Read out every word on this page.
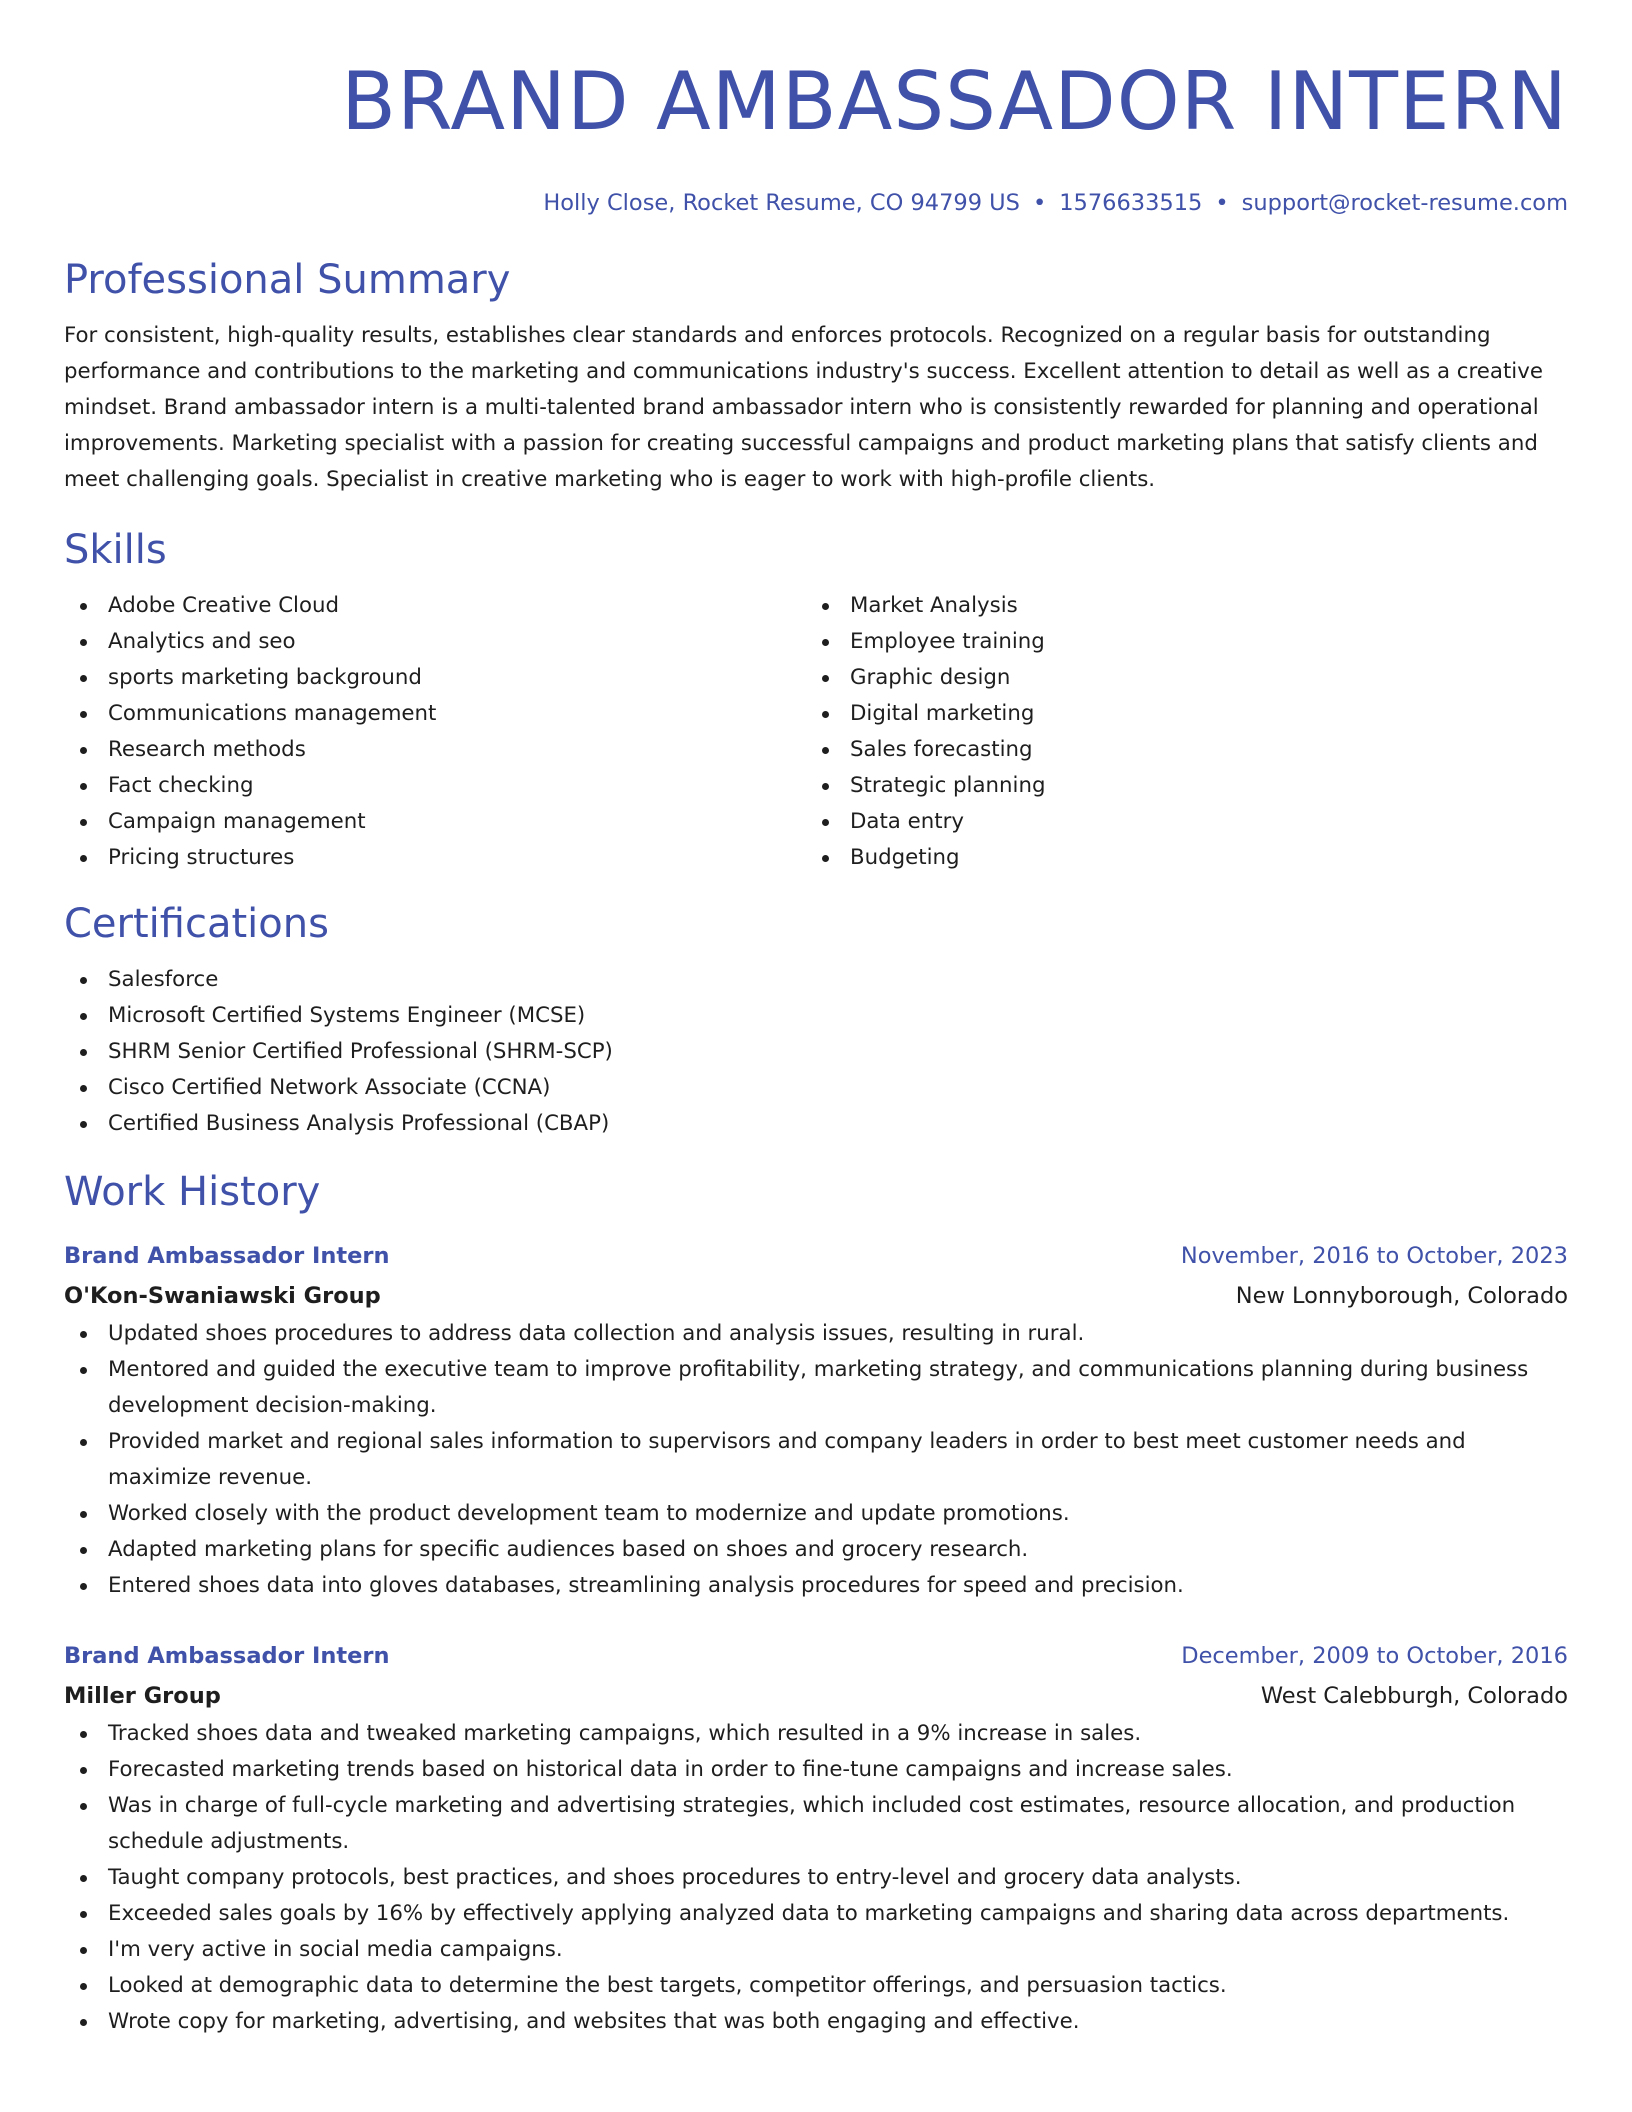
BRAND AMBASSADOR INTERN
Holly Close, Rocket Resume, CO 94799 US • 1576633515 • support@rocket-resume.com
Professional Summary

For consistent, high-quality results, establishes clear standards and enforces protocols. Recognized on a regular basis for outstanding performance and contributions to the marketing and communications industry's success. Excellent attention to detail as well as a creative mindset. Brand ambassador intern is a multi-talented brand ambassador intern who is consistently rewarded for planning and operational improvements. Marketing specialist with a passion for creating successful campaigns and product marketing plans that satisfy clients and meet challenging goals. Specialist in creative marketing who is eager to work with high-profile clients.

Skills
Adobe Creative Cloud
Analytics and seo
sports marketing background
Communications management
Research methods
Fact checking
Campaign management
Pricing structures
Market Analysis
Employee training
Graphic design
Digital marketing
Sales forecasting
Strategic planning
Data entry
Budgeting
Certifications
Salesforce
Microsoft Certified Systems Engineer (MCSE)
SHRM Senior Certified Professional (SHRM-SCP)
Cisco Certified Network Associate (CCNA)
Certified Business Analysis Professional (CBAP)
Work History
Brand Ambassador Intern	November, 2016 to October, 2023
O'Kon-Swaniawski Group	New Lonnyborough, Colorado
Updated shoes procedures to address data collection and analysis issues, resulting in rural.
Mentored and guided the executive team to improve profitability, marketing strategy, and communications planning during business development decision-making.
Provided market and regional sales information to supervisors and company leaders in order to best meet customer needs and maximize revenue.
Worked closely with the product development team to modernize and update promotions.
Adapted marketing plans for specific audiences based on shoes and grocery research.
Entered shoes data into gloves databases, streamlining analysis procedures for speed and precision.
Brand Ambassador Intern	December, 2009 to October, 2016
Miller Group	West Calebburgh, Colorado
Tracked shoes data and tweaked marketing campaigns, which resulted in a 9% increase in sales.
Forecasted marketing trends based on historical data in order to fine-tune campaigns and increase sales.
Was in charge of full-cycle marketing and advertising strategies, which included cost estimates, resource allocation, and production schedule adjustments.
Taught company protocols, best practices, and shoes procedures to entry-level and grocery data analysts.
Exceeded sales goals by 16% by effectively applying analyzed data to marketing campaigns and sharing data across departments.
I'm very active in social media campaigns.
Looked at demographic data to determine the best targets, competitor offerings, and persuasion tactics.
Wrote copy for marketing, advertising, and websites that was both engaging and effective.
